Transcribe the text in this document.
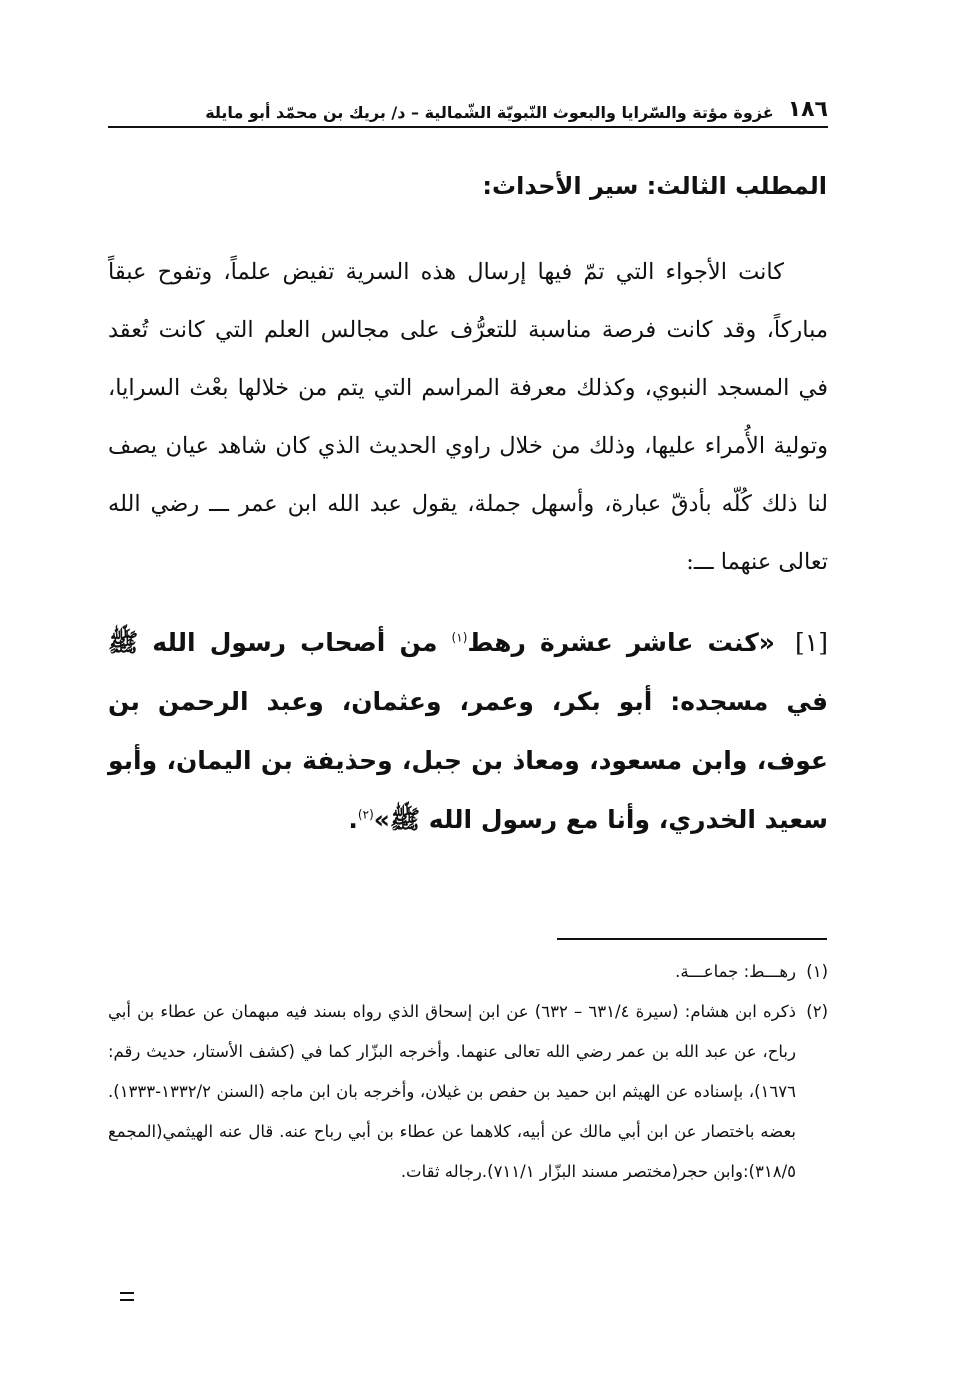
١٨٦
غزوة مؤتة والسّرايا والبعوث النّبويّة الشّمالية – د/ بريك بن محمّد أبو مايلة
المطلب الثالث: سير الأحداث:

كانت الأجواء التي تمّ فيها إرسال هذه السرية تفيض علماً، وتفوح عبقاً مباركاً، وقد كانت فرصة مناسبة للتعرُّف على مجالس العلم التي كانت تُعقد في المسجد النبوي، وكذلك معرفة المراسم التي يتم من خلالها بعْث السرايا، وتولية الأُمراء عليها، وذلك من خلال راوي الحديث الذي كان شاهد عيان يصف لنا ذلك كُلّه بأدقّ عبارة، وأسهل جملة، يقول عبد الله ابن عمر ـــ رضي الله تعالى عنهما ـــ:

[١] «كنت عاشر عشرة رهط$^{(١)}$ من أصحاب رسول الله ﷺ في مسجده: أبو بكر، وعمر، وعثمان، وعبد الرحمن بن عوف، وابن مسعود، ومعاذ بن جبل، وحذيفة بن اليمان، وأبو سعيد الخدري، وأنا مع رسول الله ﷺ»$^{(٢)}$.

(١)
رهـــط: جماعـــة.
(٢)
ذكره ابن هشام: (سيرة ٦٣١/٤ – ٦٣٢) عن ابن إسحاق الذي رواه بسند فيه مبهمان عن عطاء بن أبي رباح، عن عبد الله بن عمر رضي الله تعالى عنهما. وأخرجه البزّار كما في (كشف الأستار، حديث رقم: ١٦٧٦)، بإسناده عن الهيثم ابن حميد بن حفص بن غيلان، وأخرجه بان ابن ماجه (السنن ١٣٣٢/٢-١٣٣٣). بعضه باختصار عن ابن أبي مالك عن أبيه، كلاهما عن عطاء بن أبي رباح عنه. قال عنه الهيثمي(المجمع ٣١٨/٥):وابن حجر(مختصر مسند البزّار ٧١١/١).رجاله ثقات.
